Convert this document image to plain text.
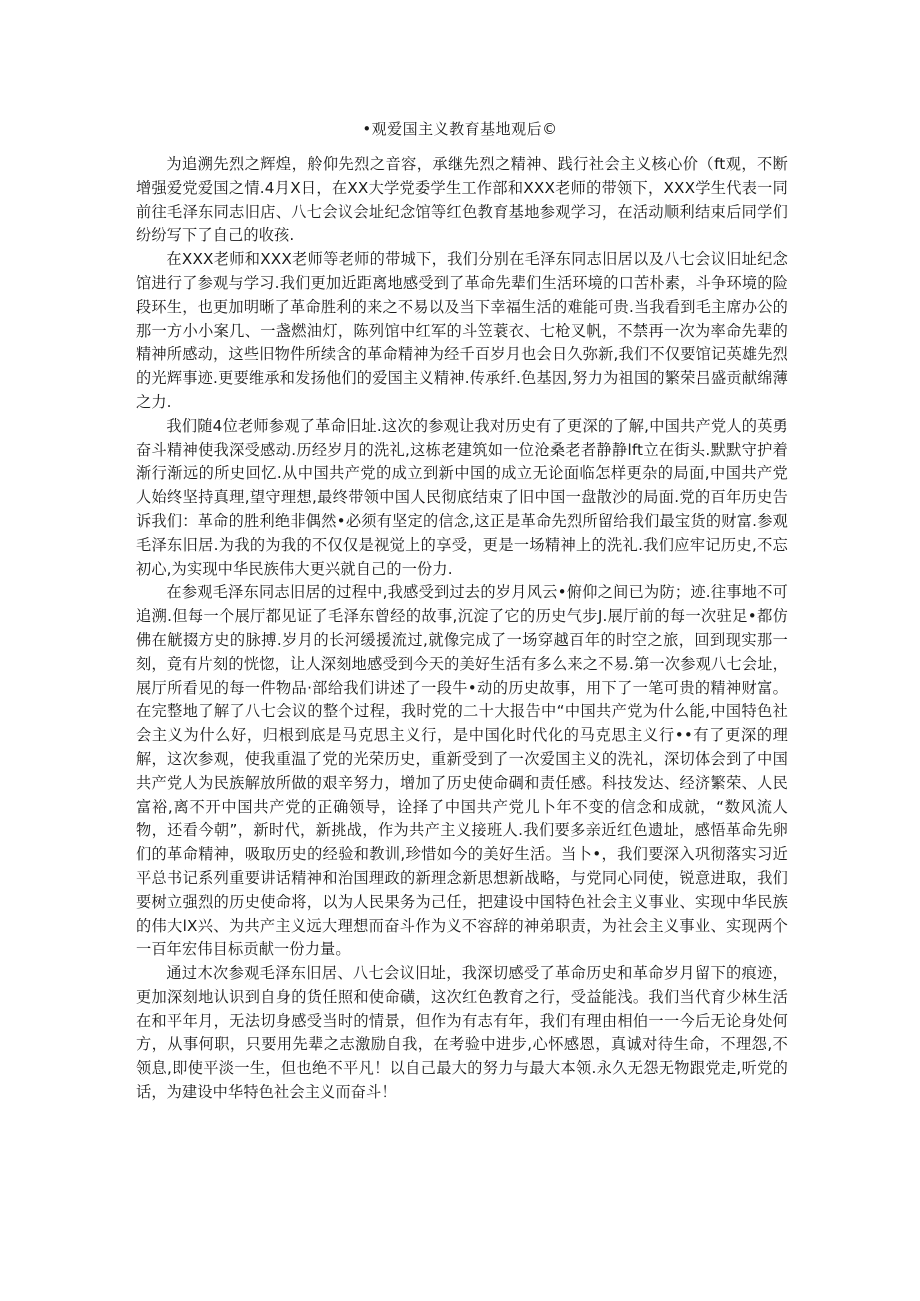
•观爱国主义教育基地观后©

为追溯先烈之辉煌，舲仰先烈之音容，承继先烈之精神、践行社会主义核心价（ft观，不断增强爱党爱国之情.4月X日，在XX大学党委学生工作部和XXX老师的带领下，XXX学生代表一同前往毛泽东同志旧店、八七会议会址纪念馆等红色教育基地参观学习，在活动顺利结束后同学们纷纷写下了自己的收孩.

在XXX老师和XXX老师等老师的带城下，我们分别在毛泽东同志旧居以及八七会议旧址纪念馆进行了参观与学习.我们更加近距离地感受到了革命先辈们生活环境的口苦朴素，斗争环境的险段环生，也更加明晰了革命胜利的来之不易以及当下幸福生活的难能可贵.当我看到毛主席办公的那一方小小案几、一盏燃油灯，陈列馆中红军的斗笠蓑衣、七枪叉帆，不禁再一次为率命先辈的精神所感动，这些旧物件所续含的革命精神为经千百岁月也会日久弥新,我们不仅要馆记英雄先烈的光辉事迹.更要维承和发扬他们的爱国主义精神.传承纤.色基因,努力为祖国的繁荣吕盛贡献绵薄之力.

我们随4位老师参观了革命旧址.这次的参观让我对历史有了更深的了解,中国共产党人的英勇奋斗精神使我深受感动.历经岁月的洗礼,这栋老建筑如一位沧桑老者静静lft立在街头.默默守护着渐行渐远的所史回忆.从中国共产党的成立到新中国的成立无论面临怎样更杂的局面,中国共产党人始终坚持真理,望守理想,最终带领中国人民彻底结束了旧中国一盘散沙的局面.党的百年历史告诉我们：革命的胜利绝非偶然•必须有坚定的信念,这正是革命先烈所留给我们最宝货的财富.参观毛泽东旧居.为我的为我的不仅仅是视觉上的享受，更是一场精神上的洗礼.我们应牢记历史,不忘初心,为实现中华民族伟大更兴就自己的一份力.

在参观毛泽东同志旧居的过程中,我感受到过去的岁月风云•俯仰之间已为防；迹.往事地不可追溯.但每一个展厅都见证了毛泽东曾经的故事,沉淀了它的历史气步J.展厅前的每一次驻足•都仿佛在觥掇方史的脉搏.岁月的长河缓援流过,就像完成了一场穿越百年的时空之旅，回到现实那一刻，竟有片刻的恍惚，让人深刻地感受到今天的美好生活有多么来之不易.第一次参观八七会址，展厅所看见的每一件物品·部给我们讲述了一段牛•动的历史故事，用下了一笔可贵的精神财富。在完整地了解了八七会议的整个过程，我时党的二十大报告中“中国共产党为什么能,中国特色社会主义为什么好，归根到底是马克思主义行，是中国化时代化的马克思主义行••有了更深的理解，这次参观，使我重温了党的光荣历史，重新受到了一次爱国主义的洗礼，深切体会到了中国共产党人为民族解放所做的艰辛努力，增加了历史使命碉和责任感。科技发达、经济繁荣、人民富裕,离不开中国共产党的正确领导，诠择了中国共产党儿卜年不变的信念和成就，“数风流人物，还看今朝”，新时代，新挑战，作为共产主义接班人.我们要多亲近红色遗址，感悟革命先卵们的革命精神，吸取历史的经验和教训,珍惜如今的美好生活。当卜•，我们要深入巩彻落实习近平总书记系列重要讲话精神和治国理政的新理念新思想新战略，与党同心同使，锐意进取，我们要树立强烈的历史使命将，以为人民果务为己任，把建设中国特色社会主义事业、实现中华民族的伟大lX兴、为共产主义远大理想而奋斗作为义不容辞的神弟职责，为社会主义事业、实现两个一百年宏伟目标贡献一份力量。

通过木次参观毛泽东旧居、八七会议旧址，我深切感受了革命历史和革命岁月留下的痕迹，更加深刻地认识到自身的货任照和使命磺，这次红色教育之行，受益能浅。我们当代育少林生活在和平年月，无法切身感受当时的情景，但作为有志有年，我们有理由相伯一一今后无论身处何方，从事何职，只要用先辈之志激励自我，在考验中进步,心怀感恩，真诚对待生命，不理怨,不领息,即使平淡一生，但也绝不平凡！以自己最大的努力与最大本领.永久无怨无物跟党走,听党的话，为建设中华特色社会主义而奋斗！
